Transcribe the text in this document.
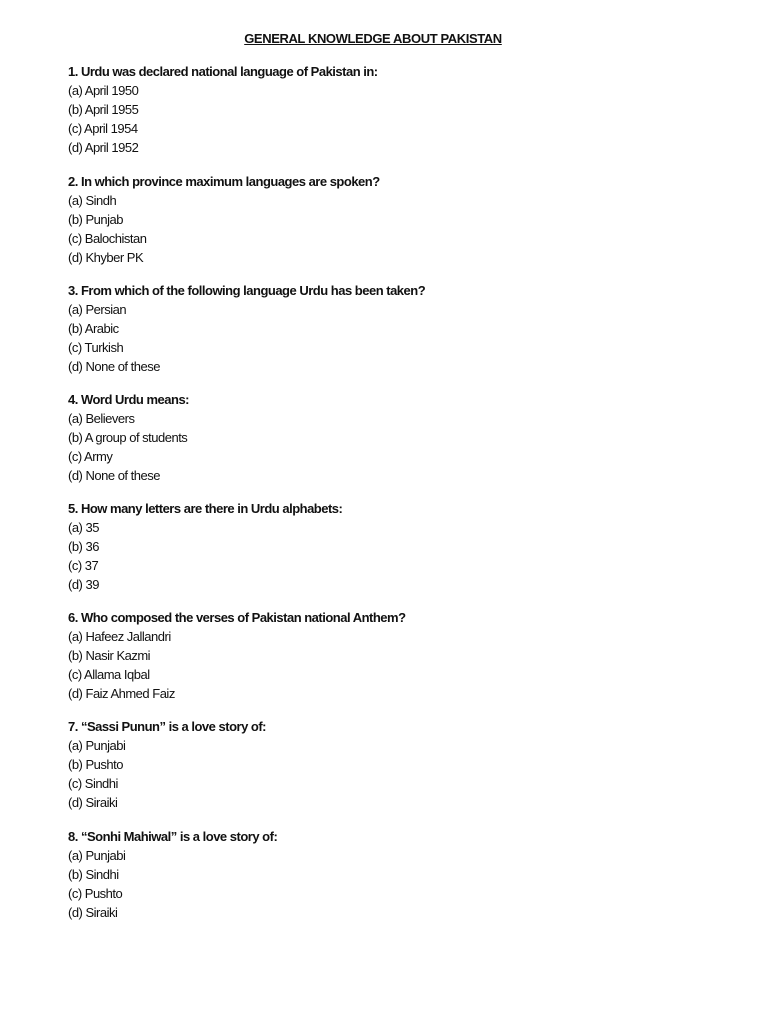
GENERAL KNOWLEDGE ABOUT PAKISTAN
1. Urdu was declared national language of Pakistan in:
(a) April 1950
(b) April 1955
(c) April 1954
(d) April 1952
2. In which province maximum languages are spoken?
(a) Sindh
(b) Punjab
(c) Balochistan
(d) Khyber PK
3. From which of the following language Urdu has been taken?
(a) Persian
(b) Arabic
(c) Turkish
(d) None of these
4. Word Urdu means:
(a) Believers
(b) A group of students
(c) Army
(d) None of these
5. How many letters are there in Urdu alphabets:
(a) 35
(b) 36
(c) 37
(d) 39
6. Who composed the verses of Pakistan national Anthem?
(a) Hafeez Jallandri
(b) Nasir Kazmi
(c) Allama Iqbal
(d) Faiz Ahmed Faiz
7. “Sassi Punun” is a love story of:
(a) Punjabi
(b) Pushto
(c) Sindhi
(d) Siraiki
8. “Sonhi Mahiwal” is a love story of:
(a) Punjabi
(b) Sindhi
(c) Pushto
(d) Siraiki
